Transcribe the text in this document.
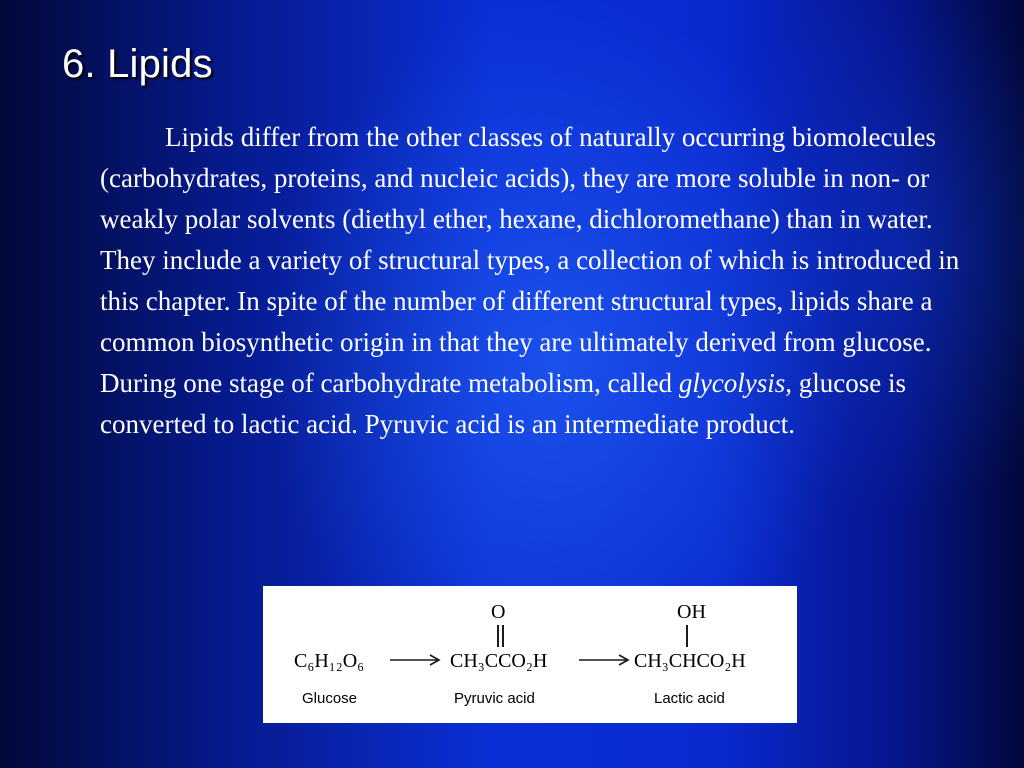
6. Lipids

Lipids differ from the other classes of naturally occurring biomolecules (carbohydrates, proteins, and nucleic acids), they are more soluble in non- or weakly polar solvents (diethyl ether, hexane, dichloromethane) than in water. They include a variety of structural types, a collection of which is introduced in this chapter. In spite of the number of different structural types, lipids share a common biosynthetic origin in that they are ultimately derived from glucose. During one stage of carbohydrate metabolism, called glycolysis, glucose is converted to lactic acid. Pyruvic acid is an intermediate product.

C₆H₁₂O₆
Glucose
O
CH₃CCO₂H
Pyruvic acid
OH
CH₃CHCO₂H
Lactic acid
